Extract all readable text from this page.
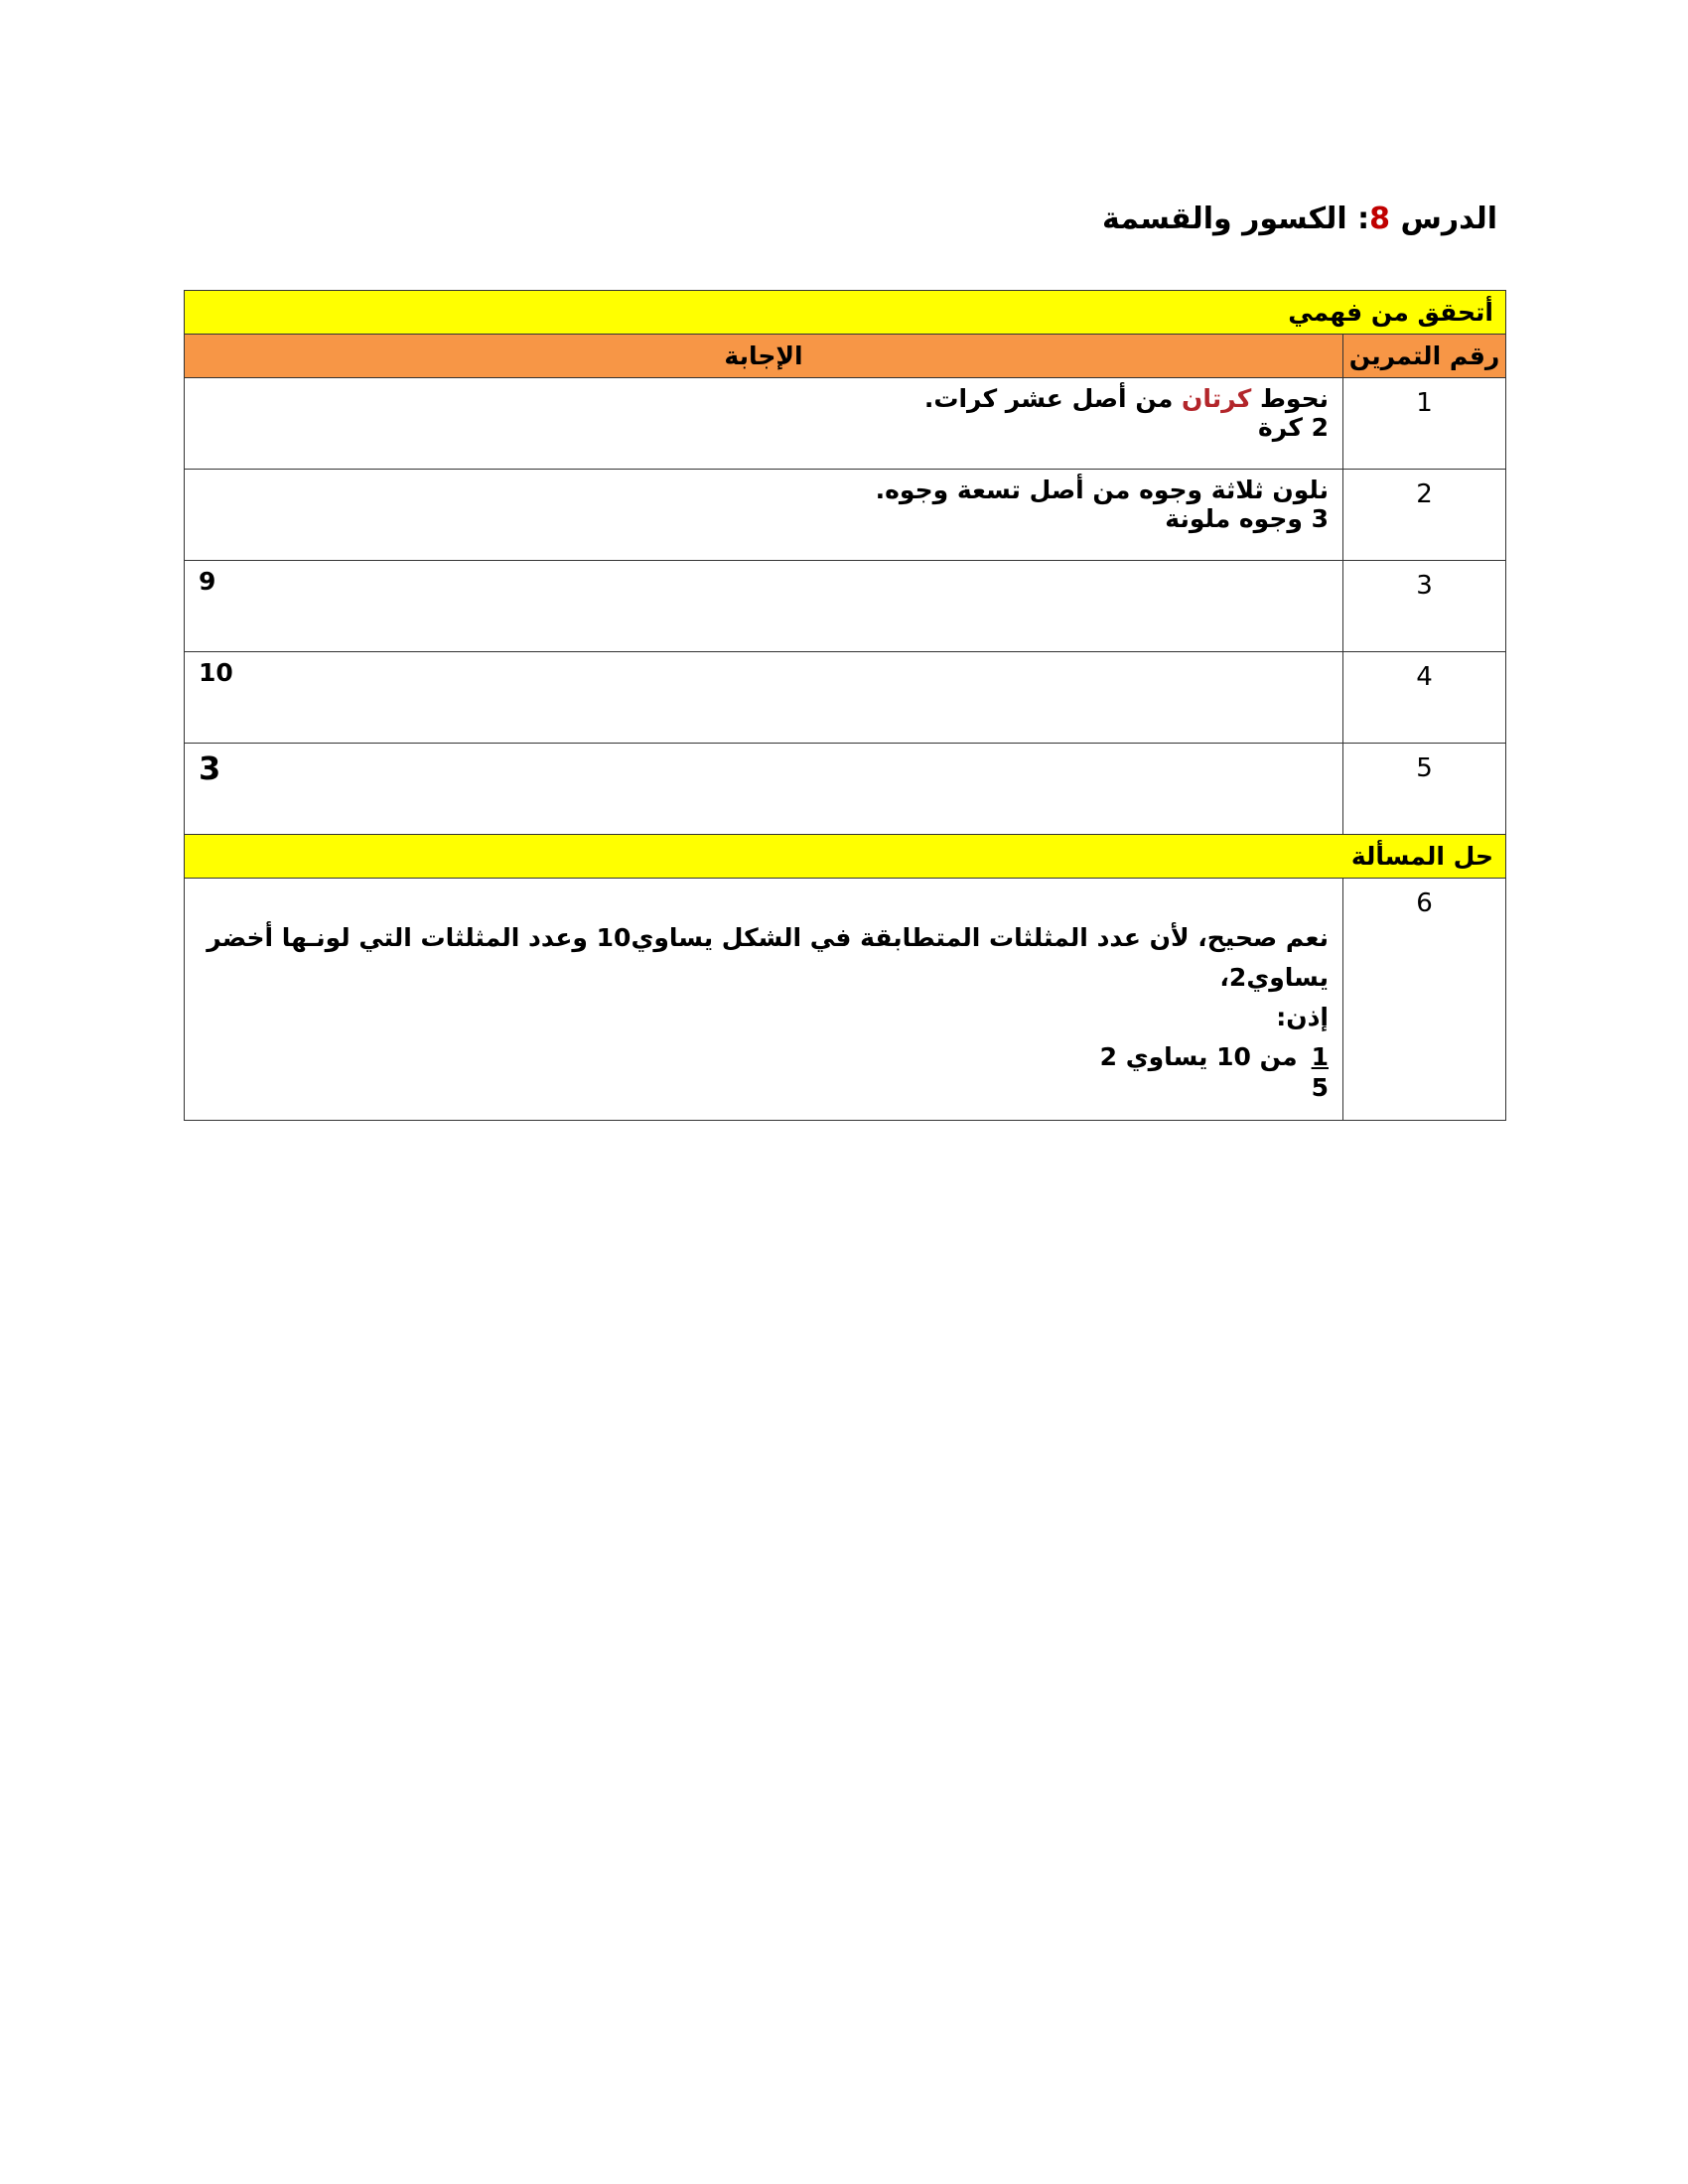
الدرس 8: الكسور والقسمة
أتحقق من فهمي	
رقم التمرين	الإجابة
1	نحوط كرتان من أصل عشر كرات.
2 كرة

2	نلون ثلاثة وجوه من أصل تسعة وجوه.
3 وجوه ملونة

3	9

4	10

5	3

حل المسألة	
6	نعم صحيح، لأن عدد المثلثات المتطابقة في الشكل يساوي10 وعدد المثلثات التي لونـها أخضر يساوي2،
إذن:
$\frac{1}{5}$
من 10 يساوي 2
